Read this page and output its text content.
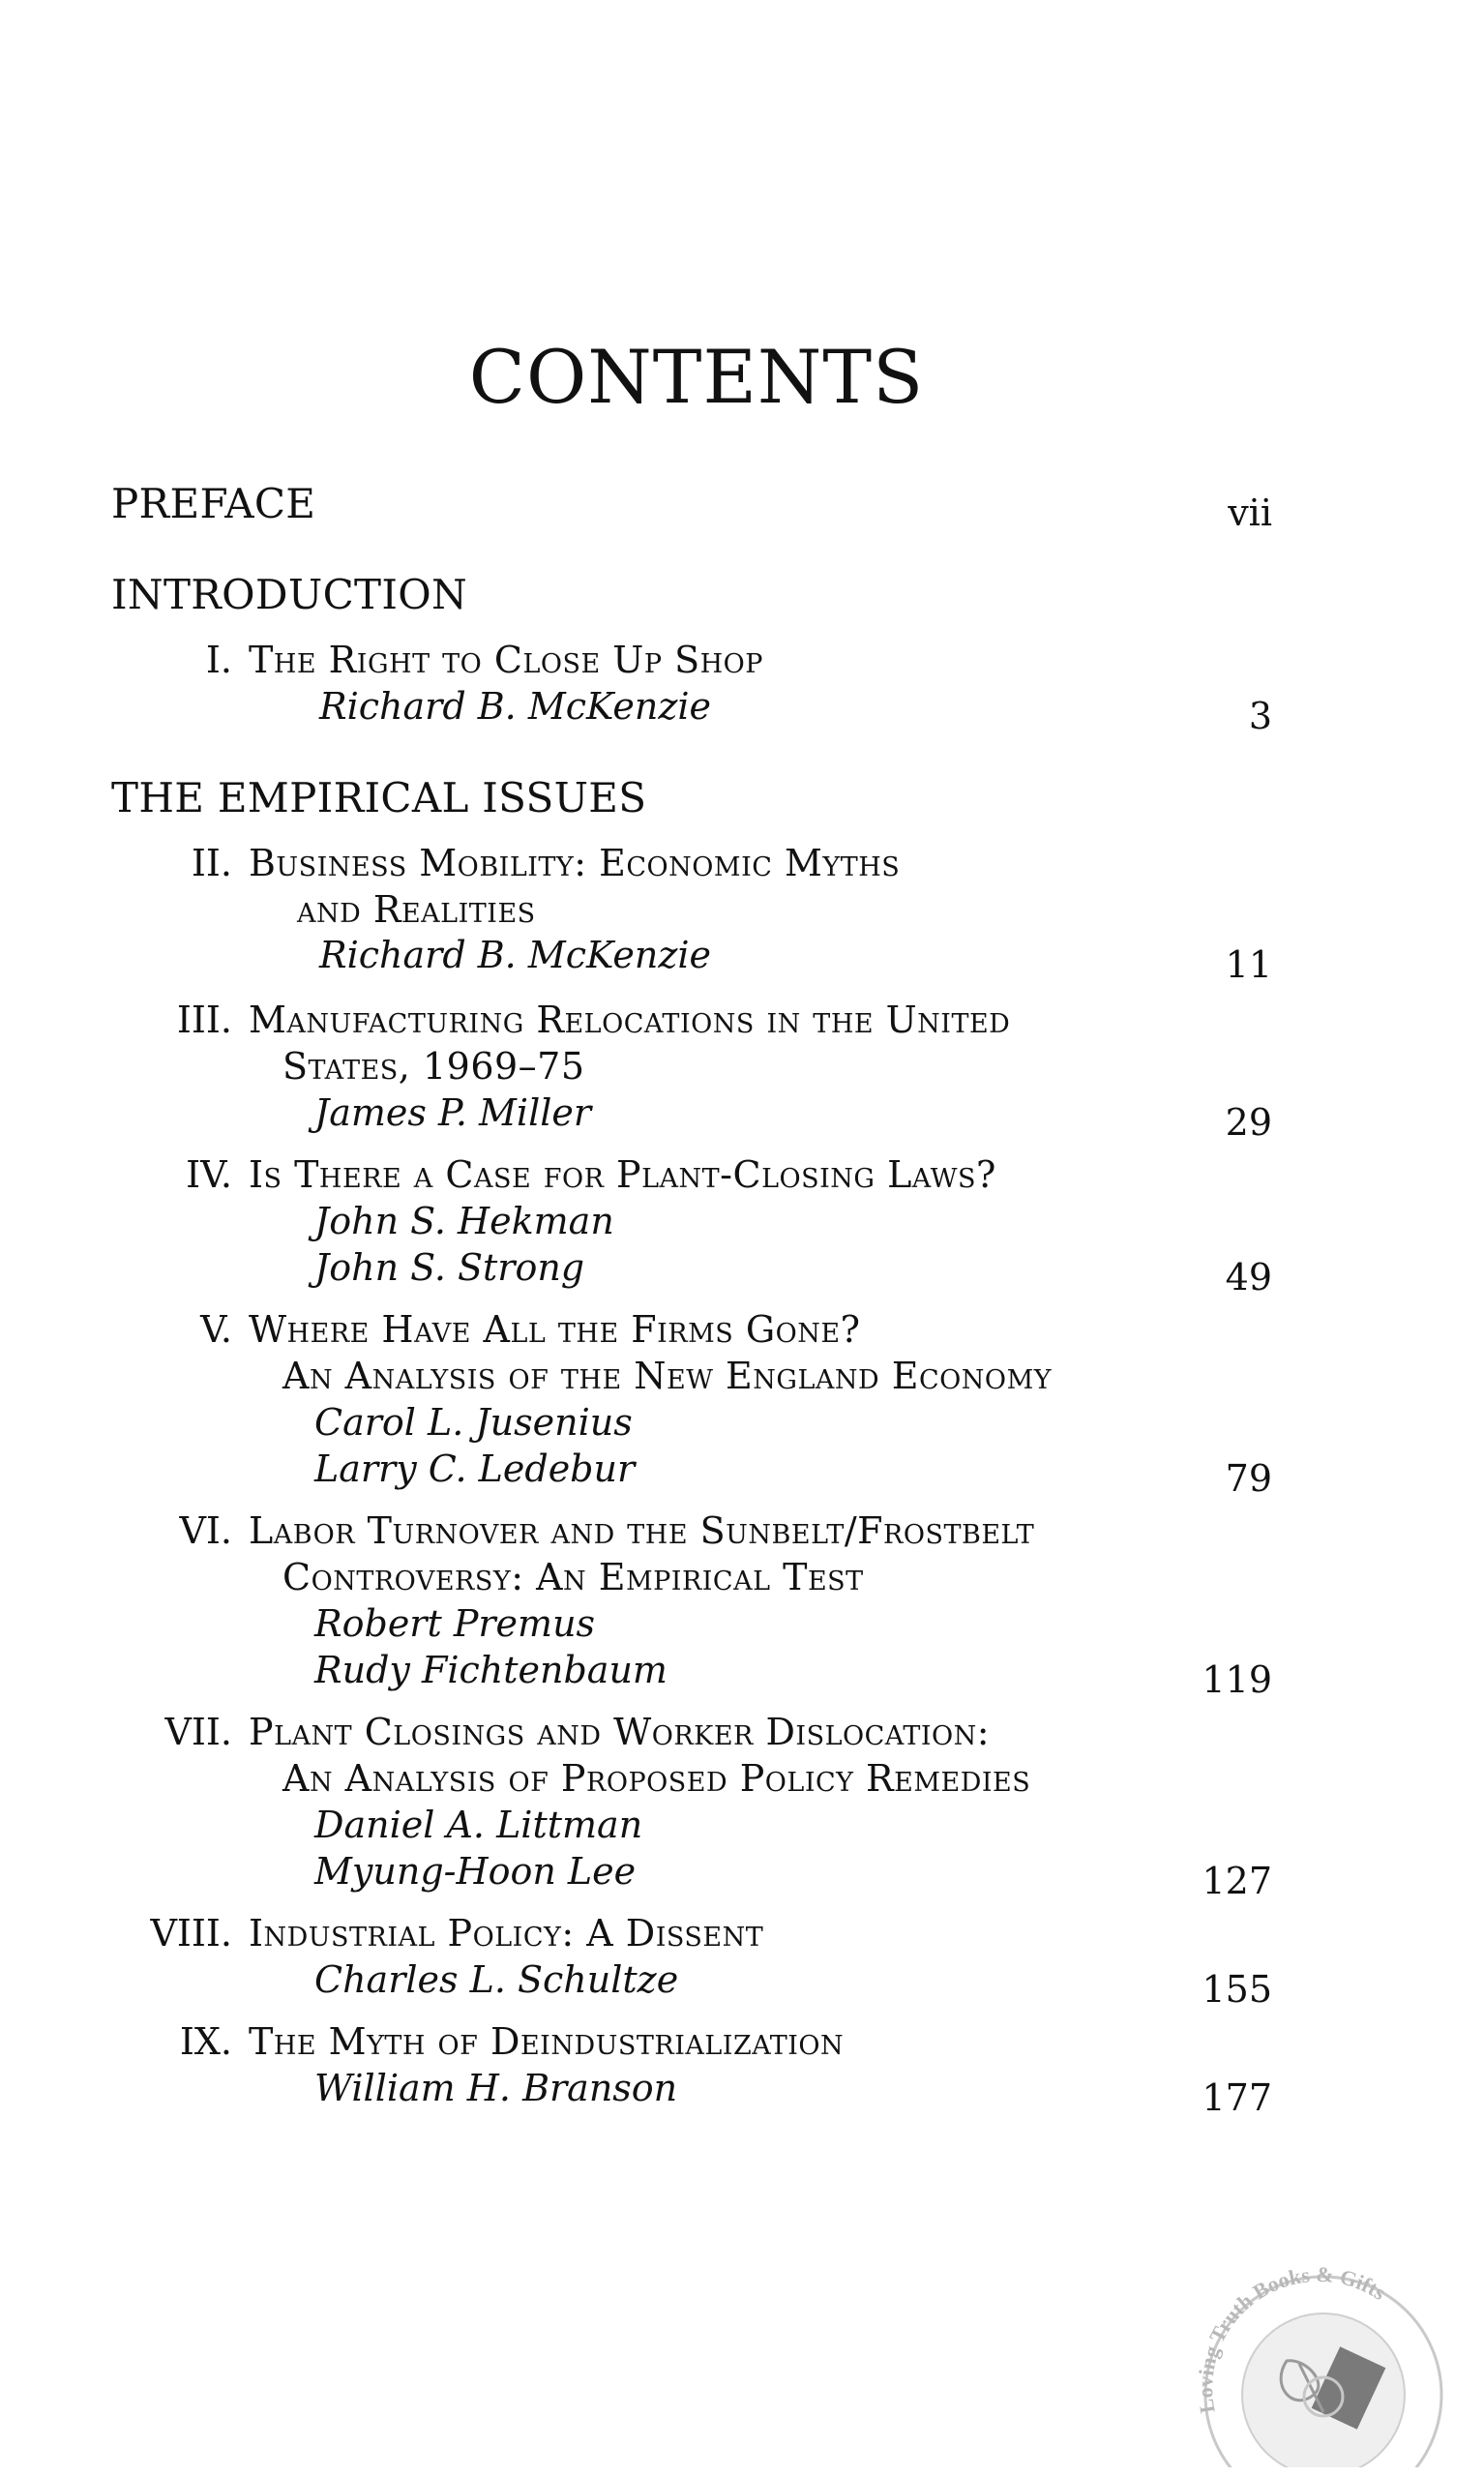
CONTENTS
PREFACE	vii
INTRODUCTION
I. The Right to Close Up Shop
Richard B. McKenzie	3
THE EMPIRICAL ISSUES
II. Business Mobility: Economic Myths
and Realities
Richard B. McKenzie	11
III. Manufacturing Relocations in the United
States, 1969–75
James P. Miller	29
IV. Is There a Case for Plant-Closing Laws?
John S. Hekman
John S. Strong	49
V. Where Have All the Firms Gone?
An Analysis of the New England Economy
Carol L. Jusenius
Larry C. Ledebur	79
VI. Labor Turnover and the Sunbelt/Frostbelt
Controversy: An Empirical Test
Robert Premus
Rudy Fichtenbaum	119
VII. Plant Closings and Worker Dislocation:
An Analysis of Proposed Policy Remedies
Daniel A. Littman
Myung-Hoon Lee	127
VIII. Industrial Policy: A Dissent
Charles L. Schultze	155
IX. The Myth of Deindustrialization
William H. Branson	177
Loving Truth Books & Gifts
